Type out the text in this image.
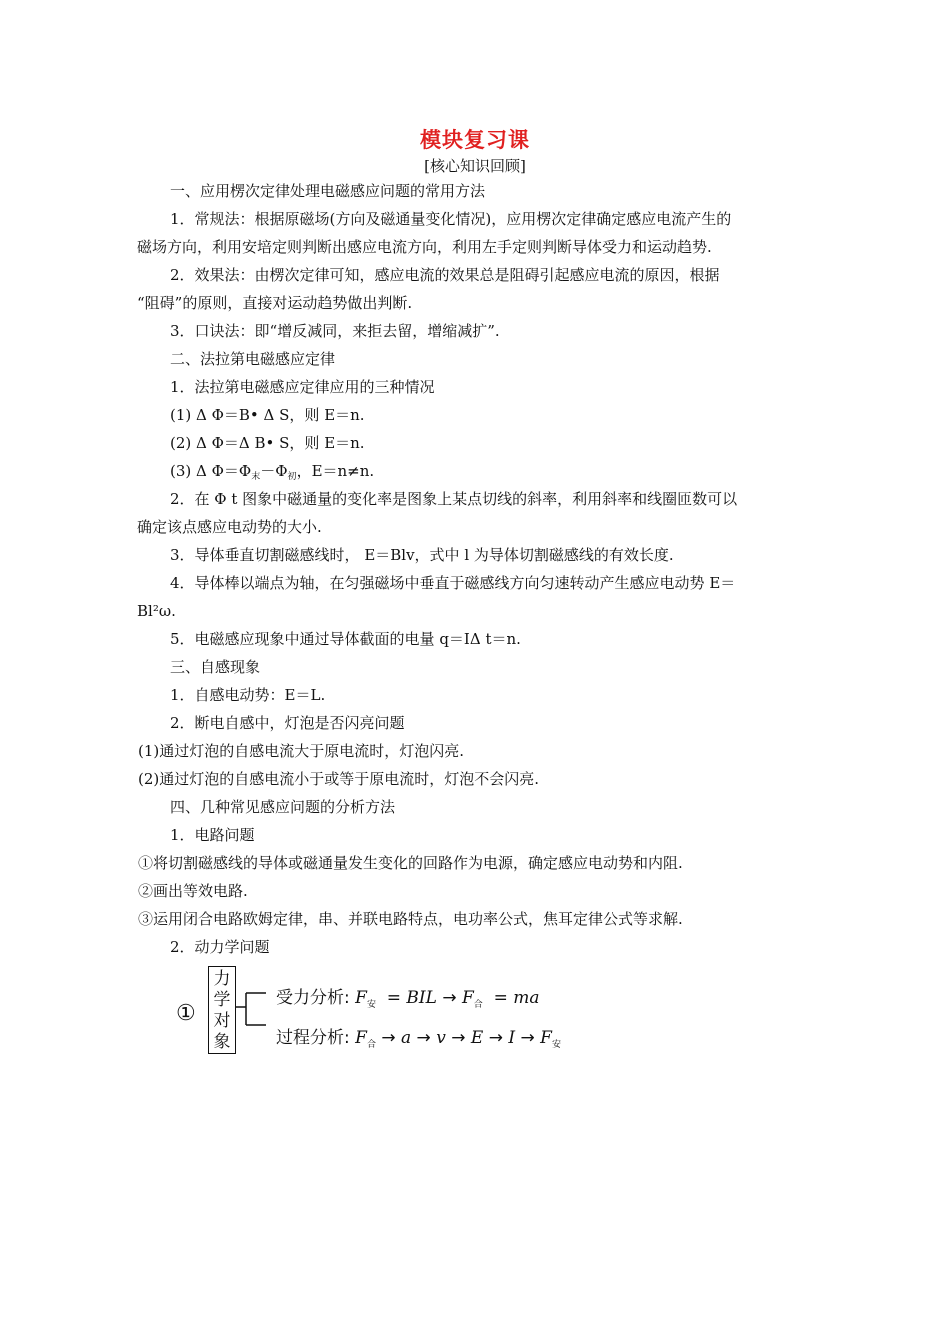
模块复习课
[核心知识回顾]
一、应用楞次定律处理电磁感应问题的常用方法
1．常规法：根据原磁场(方向及磁通量变化情况)，应用楞次定律确定感应电流产生的
磁场方向，利用安培定则判断出感应电流方向，利用左手定则判断导体受力和运动趋势.
2．效果法：由楞次定律可知，感应电流的效果总是阻碍引起感应电流的原因，根据
“阻碍”的原则，直接对运动趋势做出判断.
3．口诀法：即“增反减同，来拒去留，增缩减扩”.
二、法拉第电磁感应定律
1．法拉第电磁感应定律应用的三种情况
(1) Δ Φ＝B• Δ S，则 E＝n.
(2) Δ Φ＝Δ B• S，则 E＝n.
(3) Δ $\Phi=\Phi_末-\Phi_初$，E＝n≠n.
2．在 Φ t 图象中磁通量的变化率是图象上某点切线的斜率，利用斜率和线圈匝数可以
确定该点感应电动势的大小.
3．导体垂直切割磁感线时， E＝Blv，式中 l 为导体切割磁感线的有效长度.
4．导体棒以端点为轴，在匀强磁场中垂直于磁感线方向匀速转动产生感应电动势 E＝
Bl²ω.
5．电磁感应现象中通过导体截面的电量 q＝IΔ t＝n.
三、自感现象
1．自感电动势：E＝L.
2．断电自感中，灯泡是否闪亮问题
(1)通过灯泡的自感电流大于原电流时，灯泡闪亮.
(2)通过灯泡的自感电流小于或等于原电流时，灯泡不会闪亮.
四、几种常见感应问题的分析方法
1．电路问题
①将切割磁感线的导体或磁通量发生变化的回路作为电源，确定感应电动势和内阻.
②画出等效电路.
③运用闭合电路欧姆定律，串、并联电路特点，电功率公式，焦耳定律公式等求解.
2．动力学问题
①
力
学
对
象
受力分析: $F_安$  = BIL → $F_合$  = ma
过程分析: $F_合 \to a \to v \to E \to I \to F_安$
